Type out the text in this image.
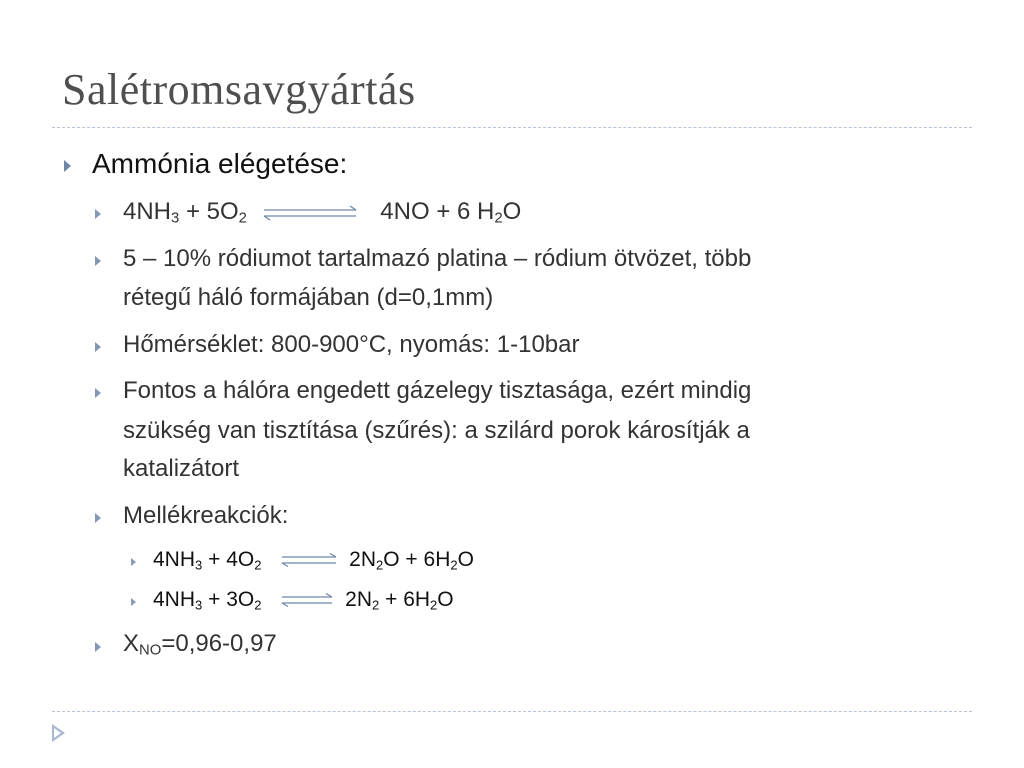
Salétromsavgyártás
Ammónia elégetése:
$4NH_3 + 5O_2$	4NO + 6 $H_2O$
5 – 10% ródiumot tartalmazó platina – ródium ötvözet, több
rétegű háló formájában (d=0,1mm)
Hőmérséklet: 800-900°C, nyomás: 1-10bar
Fontos a hálóra engedett gázelegy tisztasága, ezért mindig
szükség van tisztítása (szűrés): a szilárd porok károsítják a
katalizátort
Mellékreakciók:
$4NH_3 + 4O_2$ ⇌ $2N_2O + 6H_2O$
$4NH_3 + 3O_2$ ⇌ $2N_2 + 6H_2O$
$X_{NO}=0,96-0,97$
